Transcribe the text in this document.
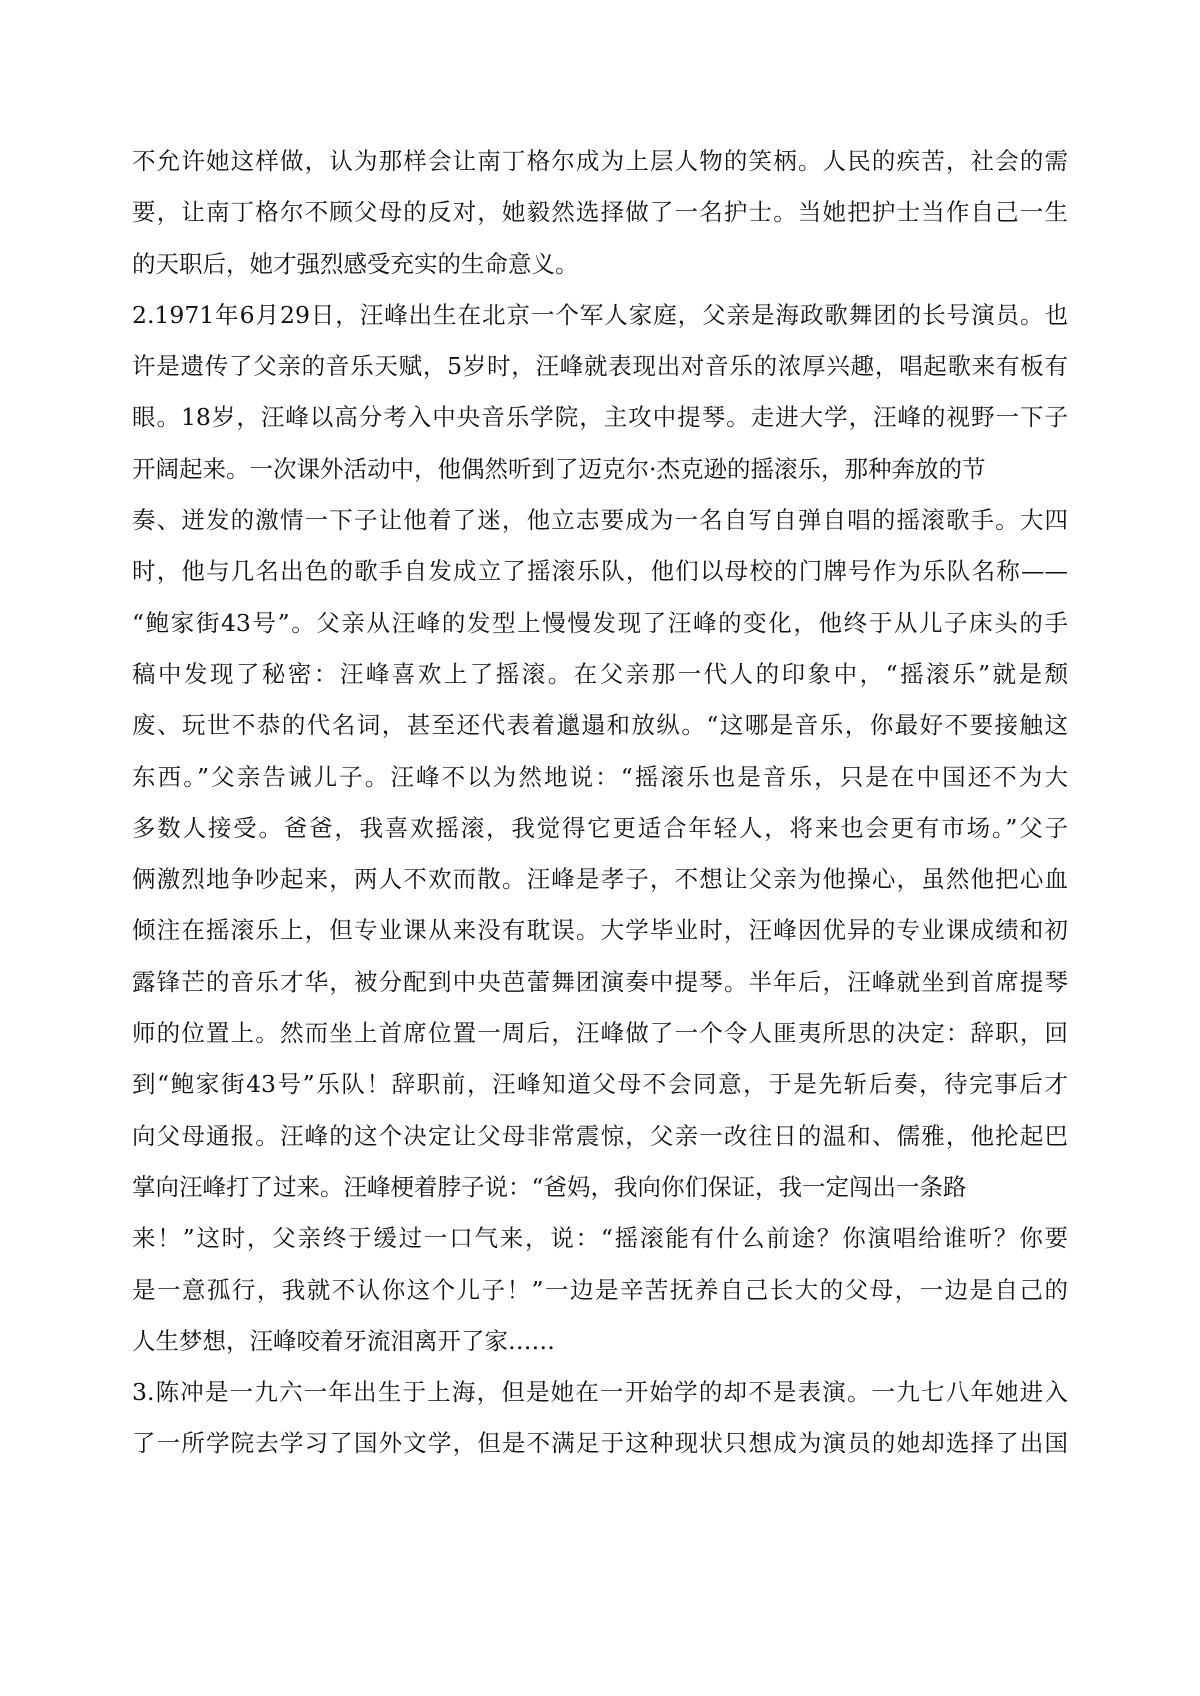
不允许她这样做，认为那样会让南丁格尔成为上层人物的笑柄。人民的疾苦，社会的需
要，让南丁格尔不顾父母的反对，她毅然选择做了一名护士。当她把护士当作自己一生
的天职后，她才强烈感受充实的生命意义。
2.1971年6月29日，汪峰出生在北京一个军人家庭，父亲是海政歌舞团的长号演员。也
许是遗传了父亲的音乐天赋，5岁时，汪峰就表现出对音乐的浓厚兴趣，唱起歌来有板有
眼。18岁，汪峰以高分考入中央音乐学院，主攻中提琴。走进大学，汪峰的视野一下子
开阔起来。一次课外活动中，他偶然听到了迈克尔·杰克逊的摇滚乐，那种奔放的节
奏、迸发的激情一下子让他着了迷，他立志要成为一名自写自弹自唱的摇滚歌手。大四
时，他与几名出色的歌手自发成立了摇滚乐队，他们以母校的门牌号作为乐队名称——
“鲍家街43号”。父亲从汪峰的发型上慢慢发现了汪峰的变化，他终于从儿子床头的手
稿中发现了秘密：汪峰喜欢上了摇滚。在父亲那一代人的印象中，“摇滚乐”就是颓
废、玩世不恭的代名词，甚至还代表着邋遢和放纵。“这哪是音乐，你最好不要接触这
东西。”父亲告诫儿子。汪峰不以为然地说：“摇滚乐也是音乐，只是在中国还不为大
多数人接受。爸爸，我喜欢摇滚，我觉得它更适合年轻人，将来也会更有市场。”父子
俩激烈地争吵起来，两人不欢而散。汪峰是孝子，不想让父亲为他操心，虽然他把心血
倾注在摇滚乐上，但专业课从来没有耽误。大学毕业时，汪峰因优异的专业课成绩和初
露锋芒的音乐才华，被分配到中央芭蕾舞团演奏中提琴。半年后，汪峰就坐到首席提琴
师的位置上。然而坐上首席位置一周后，汪峰做了一个令人匪夷所思的决定：辞职，回
到“鲍家街43号”乐队！辞职前，汪峰知道父母不会同意，于是先斩后奏，待完事后才
向父母通报。汪峰的这个决定让父母非常震惊，父亲一改往日的温和、儒雅，他抡起巴
掌向汪峰打了过来。汪峰梗着脖子说：“爸妈，我向你们保证，我一定闯出一条路
来！”这时，父亲终于缓过一口气来，说：“摇滚能有什么前途？你演唱给谁听？你要
是一意孤行，我就不认你这个儿子！”一边是辛苦抚养自己长大的父母，一边是自己的
人生梦想，汪峰咬着牙流泪离开了家……
3.陈冲是一九六一年出生于上海，但是她在一开始学的却不是表演。一九七八年她进入
了一所学院去学习了国外文学，但是不满足于这种现状只想成为演员的她却选择了出国
